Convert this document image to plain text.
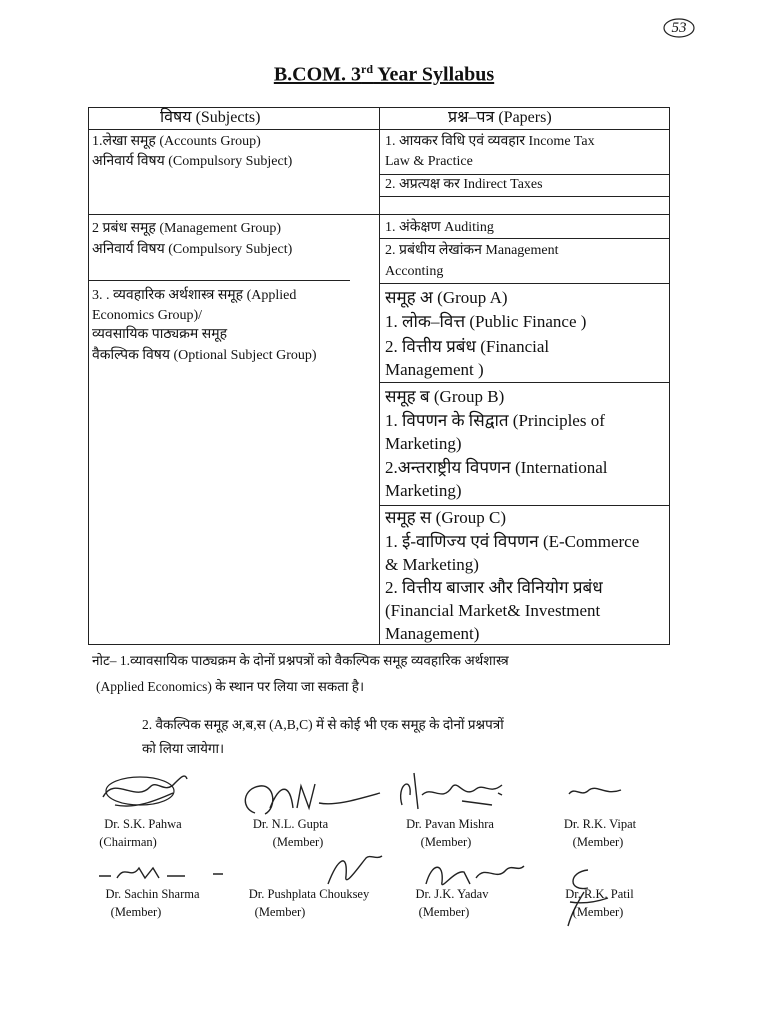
53
B.COM. 3rd Year Syllabus
विषय (Subjects)	प्रश्न–पत्र (Papers)
1.लेखा समूह (Accounts Group)
अनिवार्य विषय (Compulsory Subject)
1. आयकर विधि एवं व्यवहार Income Tax
Law & Practice
2. अप्रत्यक्ष कर Indirect Taxes
2 प्रबंध समूह (Management Group)
अनिवार्य विषय (Compulsory Subject)
1. अंकेक्षण Auditing
2. प्रबंधीय लेखांकन Management
Acconting
3. . व्यवहारिक अर्थशास्त्र समूह (Applied
Economics Group)/
व्यवसायिक पाठ्यक्रम समूह
वैकल्पिक विषय (Optional Subject Group)
समूह अ (Group A)
1. लोक–वित्त (Public Finance )
2. वित्तीय प्रबंध (Financial
Management )
समूह ब (Group B)
1. विपणन के सिद्वात (Principles of
Marketing)
2.अन्तराष्ट्रीय विपणन (International
Marketing)
समूह स (Group C)
1. ई-वाणिज्य एवं विपणन (E-Commerce
& Marketing)
2. वित्तीय बाजार और विनियोग प्रबंध
(Financial Market& Investment
Management)
नोट– 1.व्यावसायिक पाठ्यक्रम के दोनों प्रश्नपत्रों को वैकल्पिक समूह व्यवहारिक अर्थशास्त्र
(Applied Economics) के स्थान पर लिया जा सकता है।
2. वैकल्पिक समूह अ,ब,स (A,B,C) में से कोई भी एक समूह के दोनों प्रश्नपत्रों
को लिया जायेगा।
Dr. S.K. Pahwa
(Chairman)
Dr. N.L. Gupta
(Member)
Dr. Pavan Mishra
(Member)
Dr. R.K. Vipat
(Member)
Dr. Sachin Sharma
(Member)
Dr. Pushplata Chouksey
(Member)
Dr. J.K. Yadav
(Member)
Dr. R.K. Patil
(Member)
